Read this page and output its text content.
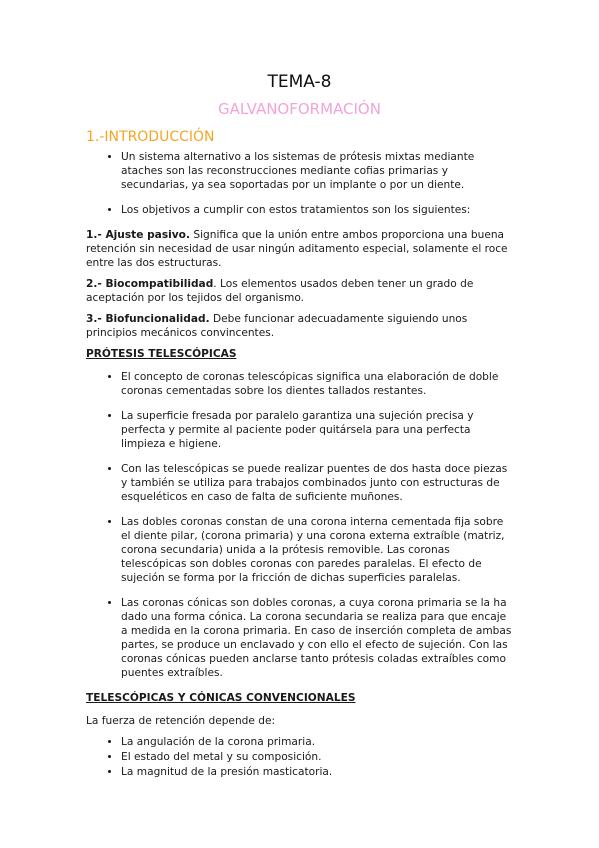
TEMA-8
GALVANOFORMACIÓN
1.-INTRODUCCIÓN
• Un sistema alternativo a los sistemas de prótesis mixtas mediante ataches son las reconstrucciones mediante cofias primarias y secundarias, ya sea soportadas por un implante o por un diente.
• Los objetivos a cumplir con estos tratamientos son los siguientes:

1.- Ajuste pasivo. Significa que la unión entre ambos proporciona una buena retención sin necesidad de usar ningún aditamento especial, solamente el roce entre las dos estructuras.

2.- Biocompatibilidad. Los elementos usados deben tener un grado de aceptación por los tejidos del organismo.

3.- Biofuncionalidad. Debe funcionar adecuadamente siguiendo unos principios mecánicos convincentes.

PRÓTESIS TELESCÓPICAS
• El concepto de coronas telescópicas significa una elaboración de doble coronas cementadas sobre los dientes tallados restantes.
• La superficie fresada por paralelo garantiza una sujeción precisa y perfecta y permite al paciente poder quitársela para una perfecta limpieza e higiene.
• Con las telescópicas se puede realizar puentes de dos hasta doce piezas y también se utiliza para trabajos combinados junto con estructuras de esqueléticos en caso de falta de suficiente muñones.
• Las dobles coronas constan de una corona interna cementada fija sobre el diente pilar, (corona primaria) y una corona externa extraíble (matriz, corona secundaria) unida a la prótesis removible. Las coronas telescópicas son dobles coronas con paredes paralelas. El efecto de sujeción se forma por la fricción de dichas superficies paralelas.
• Las coronas cónicas son dobles coronas, a cuya corona primaria se la ha dado una forma cónica. La corona secundaria se realiza para que encaje a medida en la corona primaria. En caso de inserción completa de ambas partes, se produce un enclavado y con ello el efecto de sujeción. Con las coronas cónicas pueden anclarse tanto prótesis coladas extraíbles como puentes extraíbles.
TELESCÓPICAS Y CÓNICAS CONVENCIONALES

La fuerza de retención depende de:

• La angulación de la corona primaria.
• El estado del metal y su composición.
• La magnitud de la presión masticatoria.
